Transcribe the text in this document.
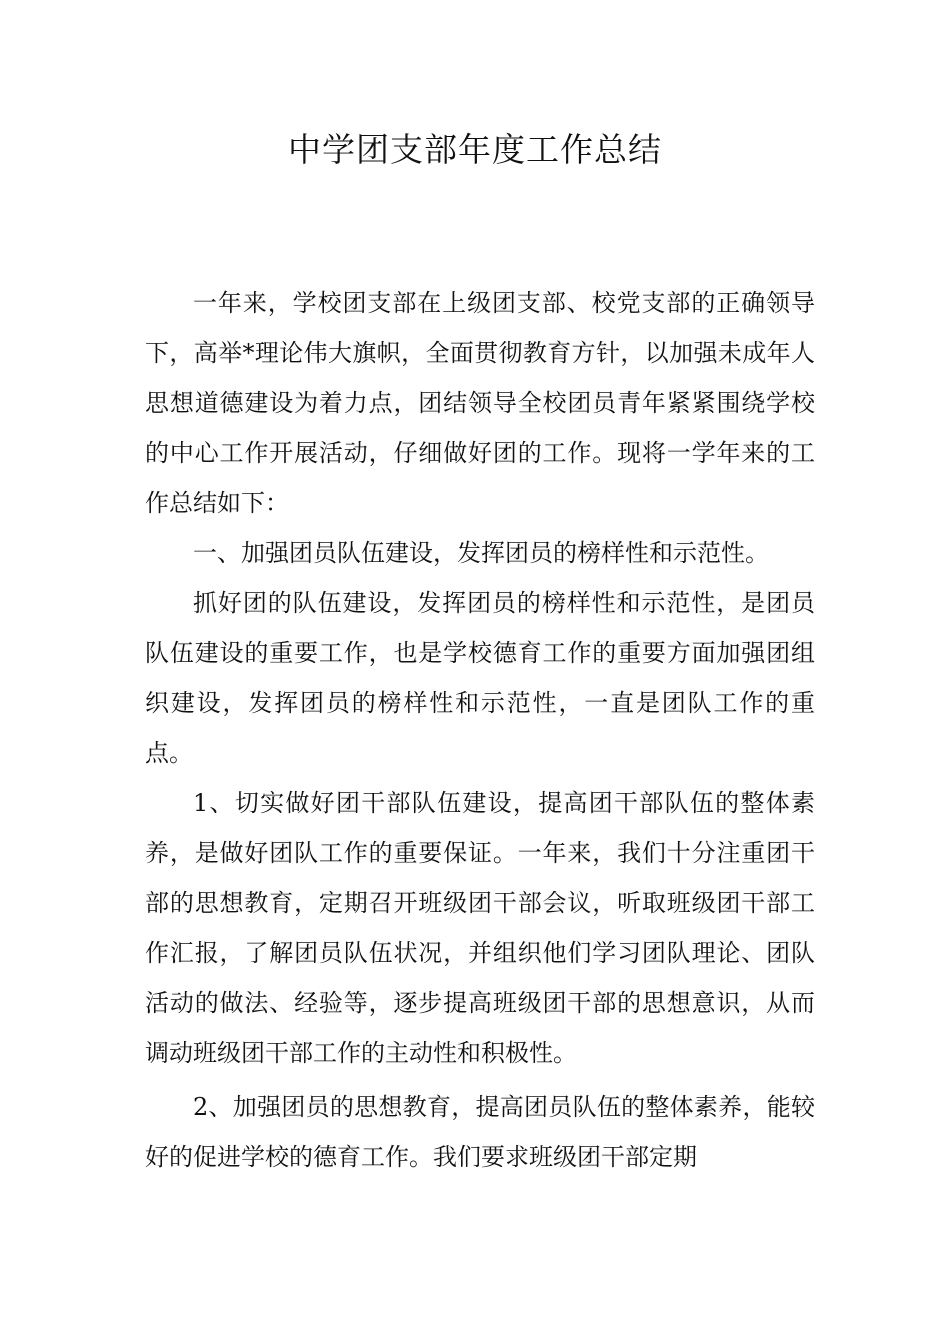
中学团支部年度工作总结

一年来，学校团支部在上级团支部、校党支部的正确领导下，高举*理论伟大旗帜，全面贯彻教育方针，以加强未成年人思想道德建设为着力点，团结领导全校团员青年紧紧围绕学校的中心工作开展活动，仔细做好团的工作。现将一学年来的工作总结如下：

一、加强团员队伍建设，发挥团员的榜样性和示范性。

抓好团的队伍建设，发挥团员的榜样性和示范性，是团员队伍建设的重要工作，也是学校德育工作的重要方面加强团组织建设，发挥团员的榜样性和示范性，一直是团队工作的重点。

1、切实做好团干部队伍建设，提高团干部队伍的整体素养，是做好团队工作的重要保证。一年来，我们十分注重团干部的思想教育，定期召开班级团干部会议，听取班级团干部工作汇报，了解团员队伍状况，并组织他们学习团队理论、团队活动的做法、经验等，逐步提高班级团干部的思想意识，从而调动班级团干部工作的主动性和积极性。

2、加强团员的思想教育，提高团员队伍的整体素养，能较好的促进学校的德育工作。我们要求班级团干部定期
